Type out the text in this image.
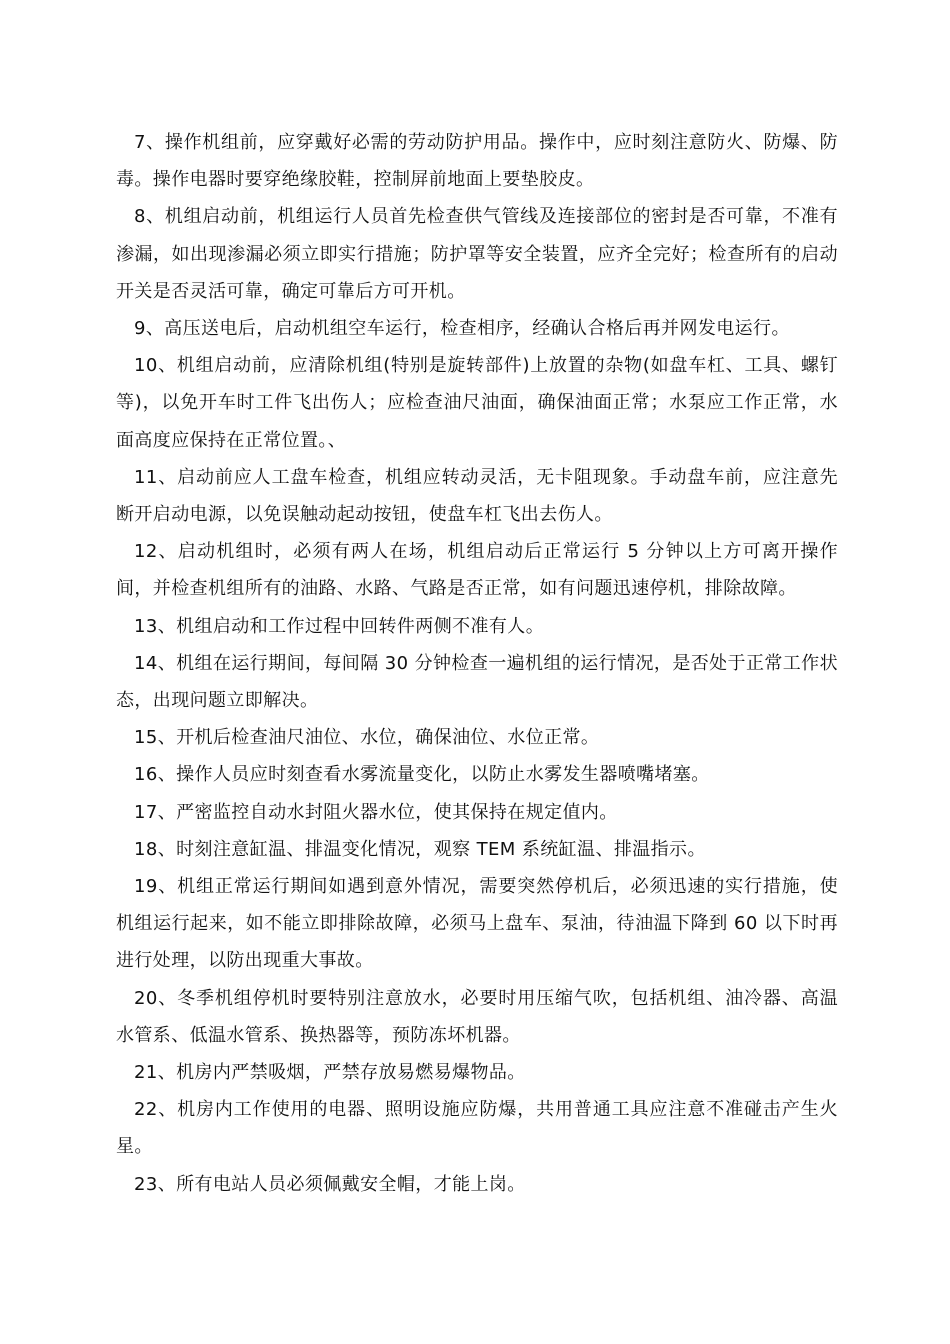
7、操作机组前，应穿戴好必需的劳动防护用品。操作中，应时刻注意防火、防爆、防毒。操作电器时要穿绝缘胶鞋，控制屏前地面上要垫胶皮。

8、机组启动前，机组运行人员首先检查供气管线及连接部位的密封是否可靠，不准有渗漏，如出现渗漏必须立即实行措施；防护罩等安全装置，应齐全完好；检查所有的启动开关是否灵活可靠，确定可靠后方可开机。

9、高压送电后，启动机组空车运行，检查相序，经确认合格后再并网发电运行。

10、机组启动前，应清除机组(特别是旋转部件)上放置的杂物(如盘车杠、工具、螺钉等)，以免开车时工件飞出伤人；应检查油尺油面，确保油面正常；水泵应工作正常，水面高度应保持在正常位置。、

11、启动前应人工盘车检查，机组应转动灵活，无卡阻现象。手动盘车前，应注意先断开启动电源，以免误触动起动按钮，使盘车杠飞出去伤人。

12、启动机组时，必须有两人在场，机组启动后正常运行 5 分钟以上方可离开操作间，并检查机组所有的油路、水路、气路是否正常，如有问题迅速停机，排除故障。

13、机组启动和工作过程中回转件两侧不准有人。

14、机组在运行期间，每间隔 30 分钟检查一遍机组的运行情况，是否处于正常工作状态，出现问题立即解决。

15、开机后检查油尺油位、水位，确保油位、水位正常。

16、操作人员应时刻查看水雾流量变化，以防止水雾发生器喷嘴堵塞。

17、严密监控自动水封阻火器水位，使其保持在规定值内。

18、时刻注意缸温、排温变化情况，观察 TEM 系统缸温、排温指示。

19、机组正常运行期间如遇到意外情况，需要突然停机后，必须迅速的实行措施，使机组运行起来，如不能立即排除故障，必须马上盘车、泵油，待油温下降到 60 以下时再进行处理，以防出现重大事故。

20、冬季机组停机时要特别注意放水，必要时用压缩气吹，包括机组、油冷器、高温水管系、低温水管系、换热器等，预防冻坏机器。

21、机房内严禁吸烟，严禁存放易燃易爆物品。

22、机房内工作使用的电器、照明设施应防爆，共用普通工具应注意不准碰击产生火星。

23、所有电站人员必须佩戴安全帽，才能上岗。
